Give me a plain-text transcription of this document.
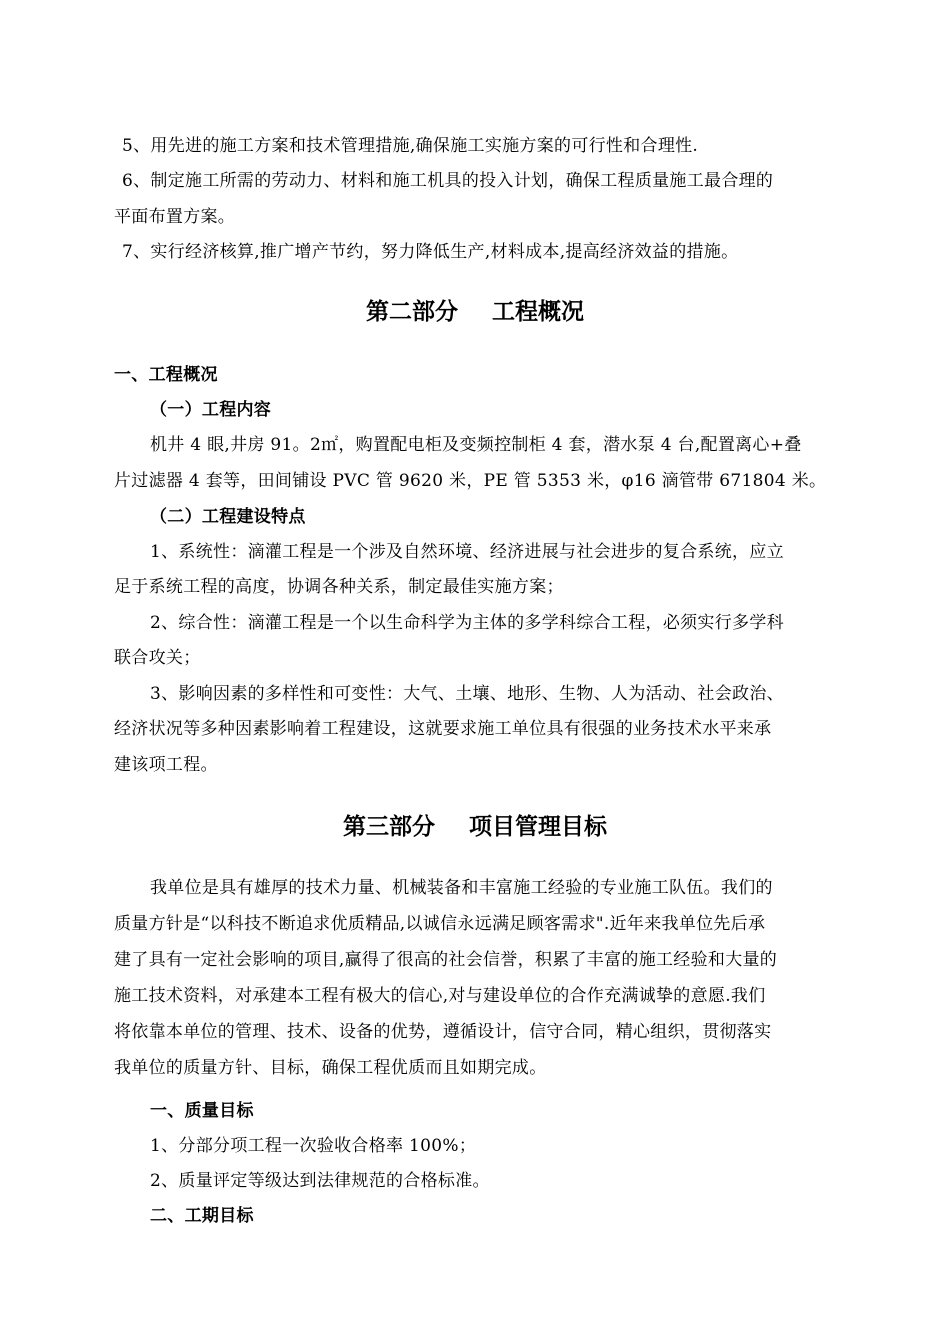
5、用先进的施工方案和技术管理措施,确保施工实施方案的可行性和合理性.
6、制定施工所需的劳动力、材料和施工机具的投入计划，确保工程质量施工最合理的
平面布置方案。
7、实行经济核算,推广增产节约，努力降低生产,材料成本,提高经济效益的措施。
第二部分 工程概况
一、工程概况
（一）工程内容
机井 4 眼,井房 91。2㎡，购置配电柜及变频控制柜 4 套，潜水泵 4 台,配置离心+叠
片过滤器 4 套等，田间铺设 PVC 管 9620 米，PE 管 5353 米，φ16 滴管带 671804 米。
（二）工程建设特点
1、系统性：滴灌工程是一个涉及自然环境、经济进展与社会进步的复合系统，应立
足于系统工程的高度，协调各种关系，制定最佳实施方案；
2、综合性：滴灌工程是一个以生命科学为主体的多学科综合工程，必须实行多学科
联合攻关；
3、影响因素的多样性和可变性：大气、土壤、地形、生物、人为活动、社会政治、
经济状况等多种因素影响着工程建设，这就要求施工单位具有很强的业务技术水平来承
建该项工程。
第三部分 项目管理目标
我单位是具有雄厚的技术力量、机械装备和丰富施工经验的专业施工队伍。我们的
质量方针是“以科技不断追求优质精品,以诚信永远满足顾客需求".近年来我单位先后承
建了具有一定社会影响的项目,赢得了很高的社会信誉，积累了丰富的施工经验和大量的
施工技术资料，对承建本工程有极大的信心,对与建设单位的合作充满诚挚的意愿.我们
将依靠本单位的管理、技术、设备的优势，遵循设计，信守合同，精心组织，贯彻落实
我单位的质量方针、目标，确保工程优质而且如期完成。
一、质量目标
1、分部分项工程一次验收合格率 100%；
2、质量评定等级达到法律规范的合格标准。
二、工期目标
